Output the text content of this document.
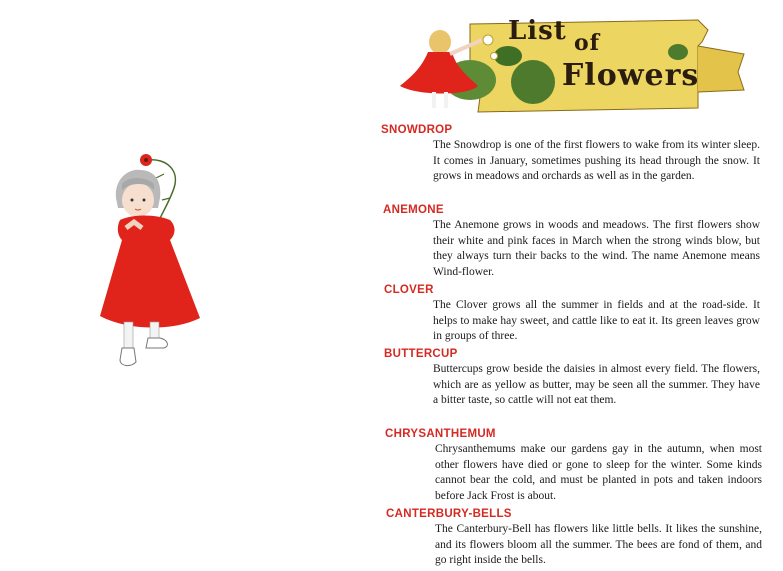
List of
Flowers
SNOWDROP
The Snowdrop is one of the first flowers to wake from its winter sleep. It comes in January, sometimes pushing its head through the snow. It grows in meadows and orchards as well as in the garden.
ANEMONE
The Anemone grows in woods and meadows. The first flowers show their white and pink faces in March when the strong winds blow, but they always turn their backs to the wind. The name Anemone means Wind-flower.
CLOVER
The Clover grows all the summer in fields and at the road-side. It helps to make hay sweet, and cattle like to eat it. Its green leaves grow in groups of three.
BUTTERCUP
Buttercups grow beside the daisies in almost every field. The flowers, which are as yellow as butter, may be seen all the summer. They have a bitter taste, so cattle will not eat them.
CHRYSANTHEMUM
Chrysanthemums make our gardens gay in the autumn, when most other flowers have died or gone to sleep for the winter. Some kinds cannot bear the cold, and must be planted in pots and taken indoors before Jack Frost is about.
CANTERBURY-BELLS
The Canterbury-Bell has flowers like little bells. It likes the sunshine, and its flowers bloom all the summer. The bees are fond of them, and go right inside the bells.
